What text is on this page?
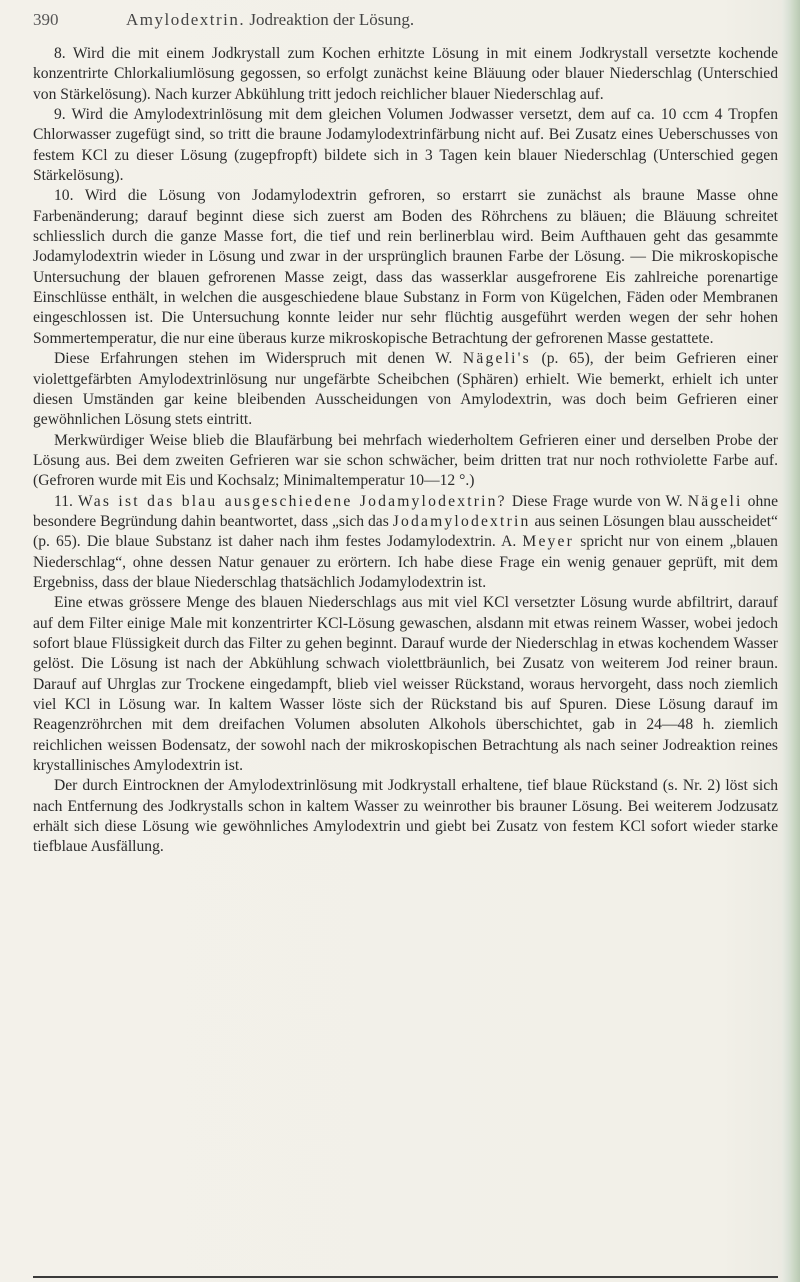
390	Amylodextrin. Jodreaktion der Lösung.

8. Wird die mit einem Jodkrystall zum Kochen erhitzte Lösung in mit einem Jodkrystall versetzte kochende konzentrirte Chlorkaliumlösung gegossen, so erfolgt zunächst keine Bläuung oder blauer Niederschlag (Unterschied von Stärkelösung). Nach kurzer Abkühlung tritt jedoch reichlicher blauer Niederschlag auf.

9. Wird die Amylodextrinlösung mit dem gleichen Volumen Jodwasser versetzt, dem auf ca. 10 ccm 4 Tropfen Chlorwasser zugefügt sind, so tritt die braune Jodamylodextrinfärbung nicht auf. Bei Zusatz eines Ueberschusses von festem KCl zu dieser Lösung (zugepfropft) bildete sich in 3 Tagen kein blauer Niederschlag (Unterschied gegen Stärkelösung).

10. Wird die Lösung von Jodamylodextrin gefroren, so erstarrt sie zunächst als braune Masse ohne Farbenänderung; darauf beginnt diese sich zuerst am Boden des Röhrchens zu bläuen; die Bläuung schreitet schliesslich durch die ganze Masse fort, die tief und rein berlinerblau wird. Beim Aufthauen geht das gesammte Jodamylodextrin wieder in Lösung und zwar in der ursprünglich braunen Farbe der Lösung. — Die mikroskopische Untersuchung der blauen gefrorenen Masse zeigt, dass das wasserklar ausgefrorene Eis zahlreiche porenartige Einschlüsse enthält, in welchen die ausgeschiedene blaue Substanz in Form von Kügelchen, Fäden oder Membranen eingeschlossen ist. Die Untersuchung konnte leider nur sehr flüchtig ausgeführt werden wegen der sehr hohen Sommertemperatur, die nur eine überaus kurze mikroskopische Betrachtung der gefrorenen Masse gestattete.

Diese Erfahrungen stehen im Widerspruch mit denen W. Nägeli's (p. 65), der beim Gefrieren einer violettgefärbten Amylodextrinlösung nur ungefärbte Scheibchen (Sphären) erhielt. Wie bemerkt, erhielt ich unter diesen Umständen gar keine bleibenden Ausscheidungen von Amylodextrin, was doch beim Gefrieren einer gewöhnlichen Lösung stets eintritt.

Merkwürdiger Weise blieb die Blaufärbung bei mehrfach wiederholtem Gefrieren einer und derselben Probe der Lösung aus. Bei dem zweiten Gefrieren war sie schon schwächer, beim dritten trat nur noch rothviolette Farbe auf. (Gefroren wurde mit Eis und Kochsalz; Minimaltemperatur 10—12 °.)

11. Was ist das blau ausgeschiedene Jodamylodextrin? Diese Frage wurde von W. Nägeli ohne besondere Begründung dahin beantwortet, dass „sich das Jodamylodextrin aus seinen Lösungen blau ausscheidet“ (p. 65). Die blaue Substanz ist daher nach ihm festes Jodamylodextrin. A. Meyer spricht nur von einem „blauen Niederschlag“, ohne dessen Natur genauer zu erörtern. Ich habe diese Frage ein wenig genauer geprüft, mit dem Ergebniss, dass der blaue Niederschlag thatsächlich Jodamylodextrin ist.

Eine etwas grössere Menge des blauen Niederschlags aus mit viel KCl versetzter Lösung wurde abfiltrirt, darauf auf dem Filter einige Male mit konzentrirter KCl-Lösung gewaschen, alsdann mit etwas reinem Wasser, wobei jedoch sofort blaue Flüssigkeit durch das Filter zu gehen beginnt. Darauf wurde der Niederschlag in etwas kochendem Wasser gelöst. Die Lösung ist nach der Abkühlung schwach violettbräunlich, bei Zusatz von weiterem Jod reiner braun. Darauf auf Uhrglas zur Trockene eingedampft, blieb viel weisser Rückstand, woraus hervorgeht, dass noch ziemlich viel KCl in Lösung war. In kaltem Wasser löste sich der Rückstand bis auf Spuren. Diese Lösung darauf im Reagenzröhrchen mit dem dreifachen Volumen absoluten Alkohols überschichtet, gab in 24—48 h. ziemlich reichlichen weissen Bodensatz, der sowohl nach der mikroskopischen Betrachtung als nach seiner Jodreaktion reines krystallinisches Amylodextrin ist.

Der durch Eintrocknen der Amylodextrinlösung mit Jodkrystall erhaltene, tief blaue Rückstand (s. Nr. 2) löst sich nach Entfernung des Jodkrystalls schon in kaltem Wasser zu weinrother bis brauner Lösung. Bei weiterem Jodzusatz erhält sich diese Lösung wie gewöhnliches Amylodextrin und giebt bei Zusatz von festem KCl sofort wieder starke tiefblaue Ausfällung.
